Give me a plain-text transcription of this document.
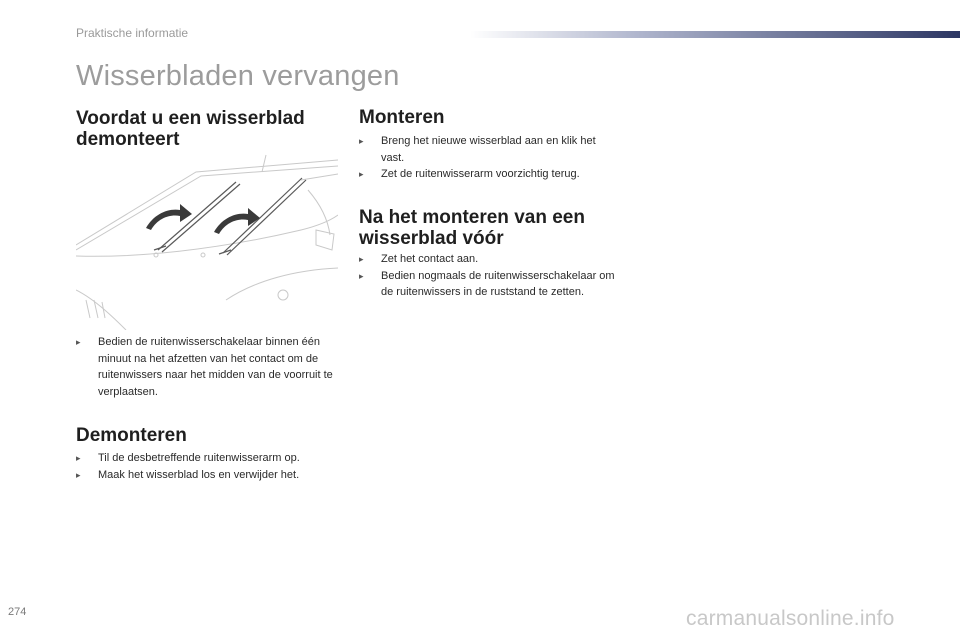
Praktische informatie
Wisserbladen vervangen
Voordat u een wisserblad demonteert
▸ Bedien de ruitenwisserschakelaar binnen één minuut na het afzetten van het contact om de ruitenwissers naar het midden van de voorruit te verplaatsen.
Demonteren
▸ Til de desbetreffende ruitenwisserarm op.
▸ Maak het wisserblad los en verwijder het.
Monteren
▸ Breng het nieuwe wisserblad aan en klik het vast.
▸ Zet de ruitenwisserarm voorzichtig terug.
Na het monteren van een wisserblad vóór
▸ Zet het contact aan.
▸ Bedien nogmaals de ruitenwisserschakelaar om de ruitenwissers in de ruststand te zetten.
274	carmanualsonline.info
